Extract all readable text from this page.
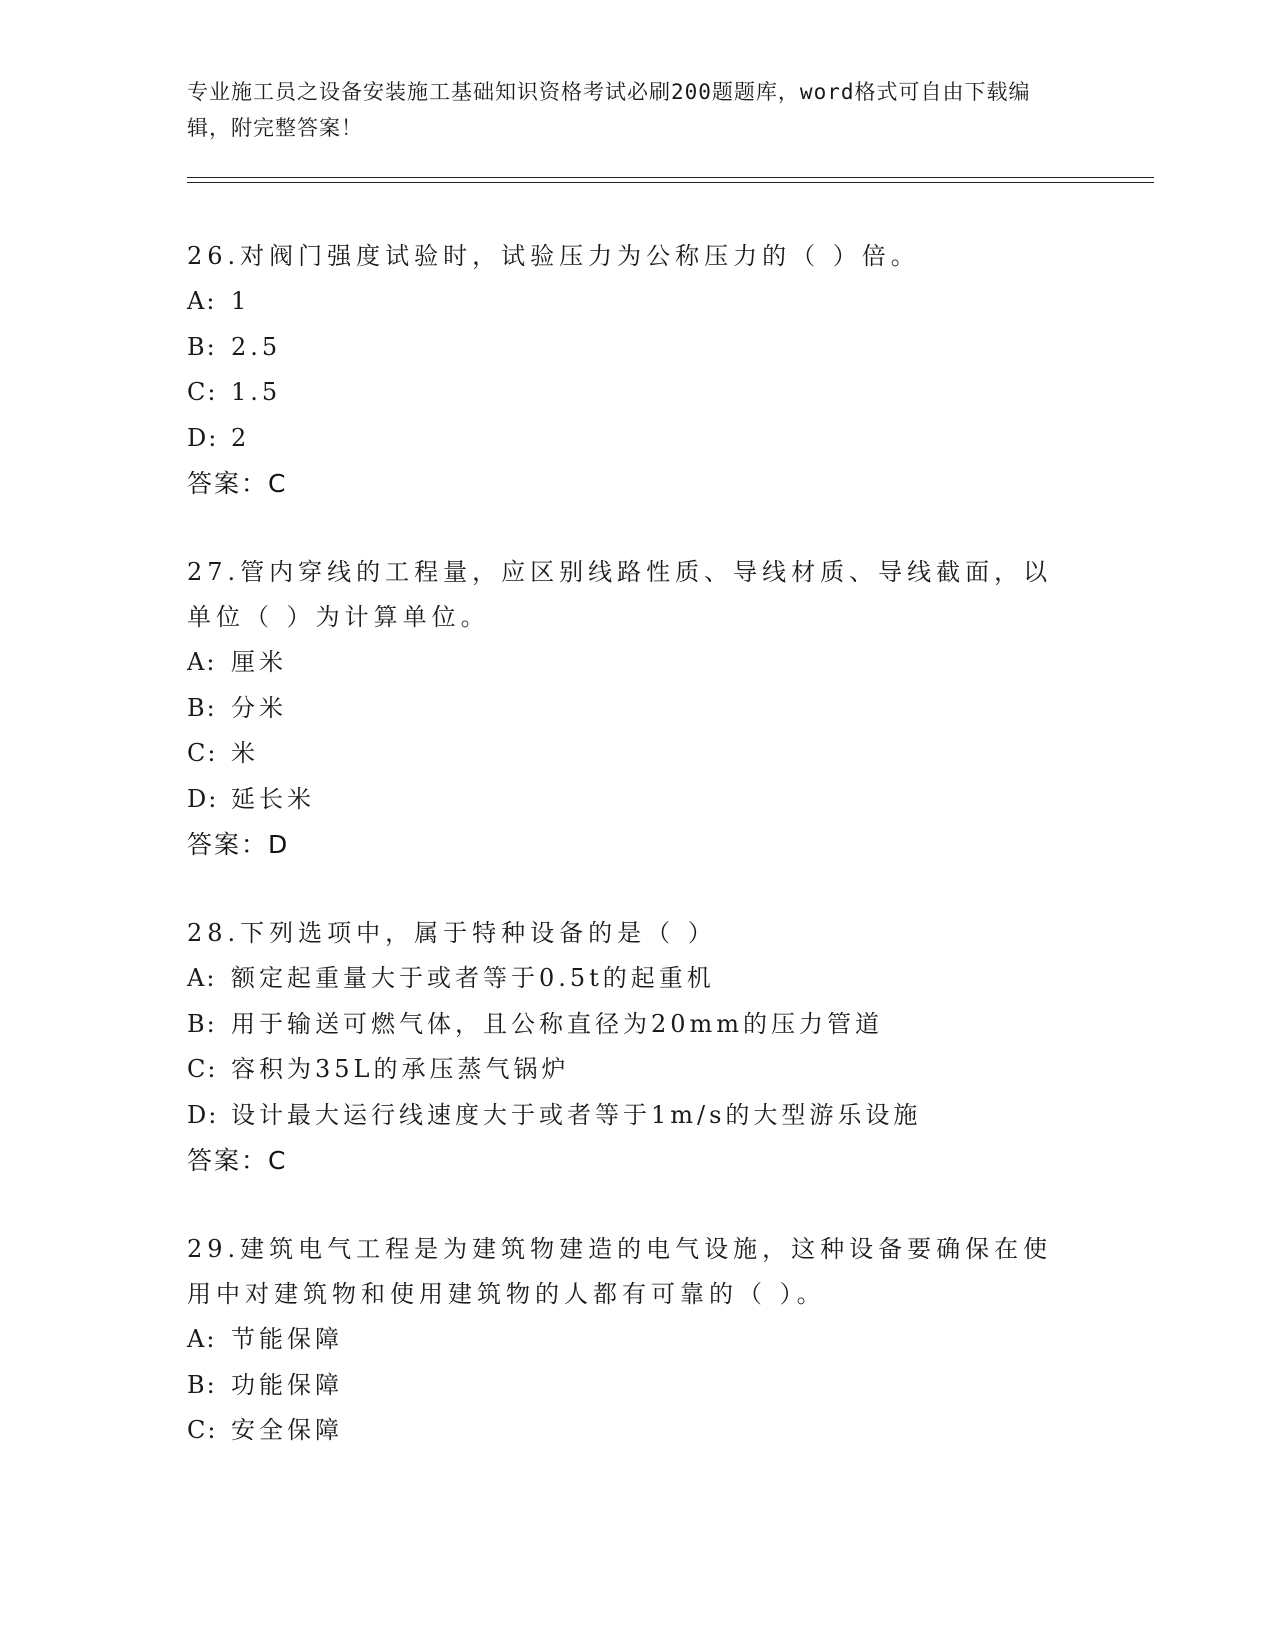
专业施工员之设备安装施工基础知识资格考试必刷200题题库，word格式可自由下载编辑，附完整答案！
26.对阀门强度试验时，试验压力为公称压力的（ ）倍。
A: 1
B: 2.5
C: 1.5
D: 2
答案：C
27.管内穿线的工程量，应区别线路性质、导线材质、导线截面，以单位（ ）为计算单位。
A: 厘米
B: 分米
C: 米
D: 延长米
答案：D
28.下列选项中，属于特种设备的是（ ）
A: 额定起重量大于或者等于0.5t的起重机
B: 用于输送可燃气体，且公称直径为20mm的压力管道
C: 容积为35L的承压蒸气锅炉
D: 设计最大运行线速度大于或者等于1m/s的大型游乐设施
答案：C
29.建筑电气工程是为建筑物建造的电气设施，这种设备要确保在使用中对建筑物和使用建筑物的人都有可靠的（ ）。
A: 节能保障
B: 功能保障
C: 安全保障
